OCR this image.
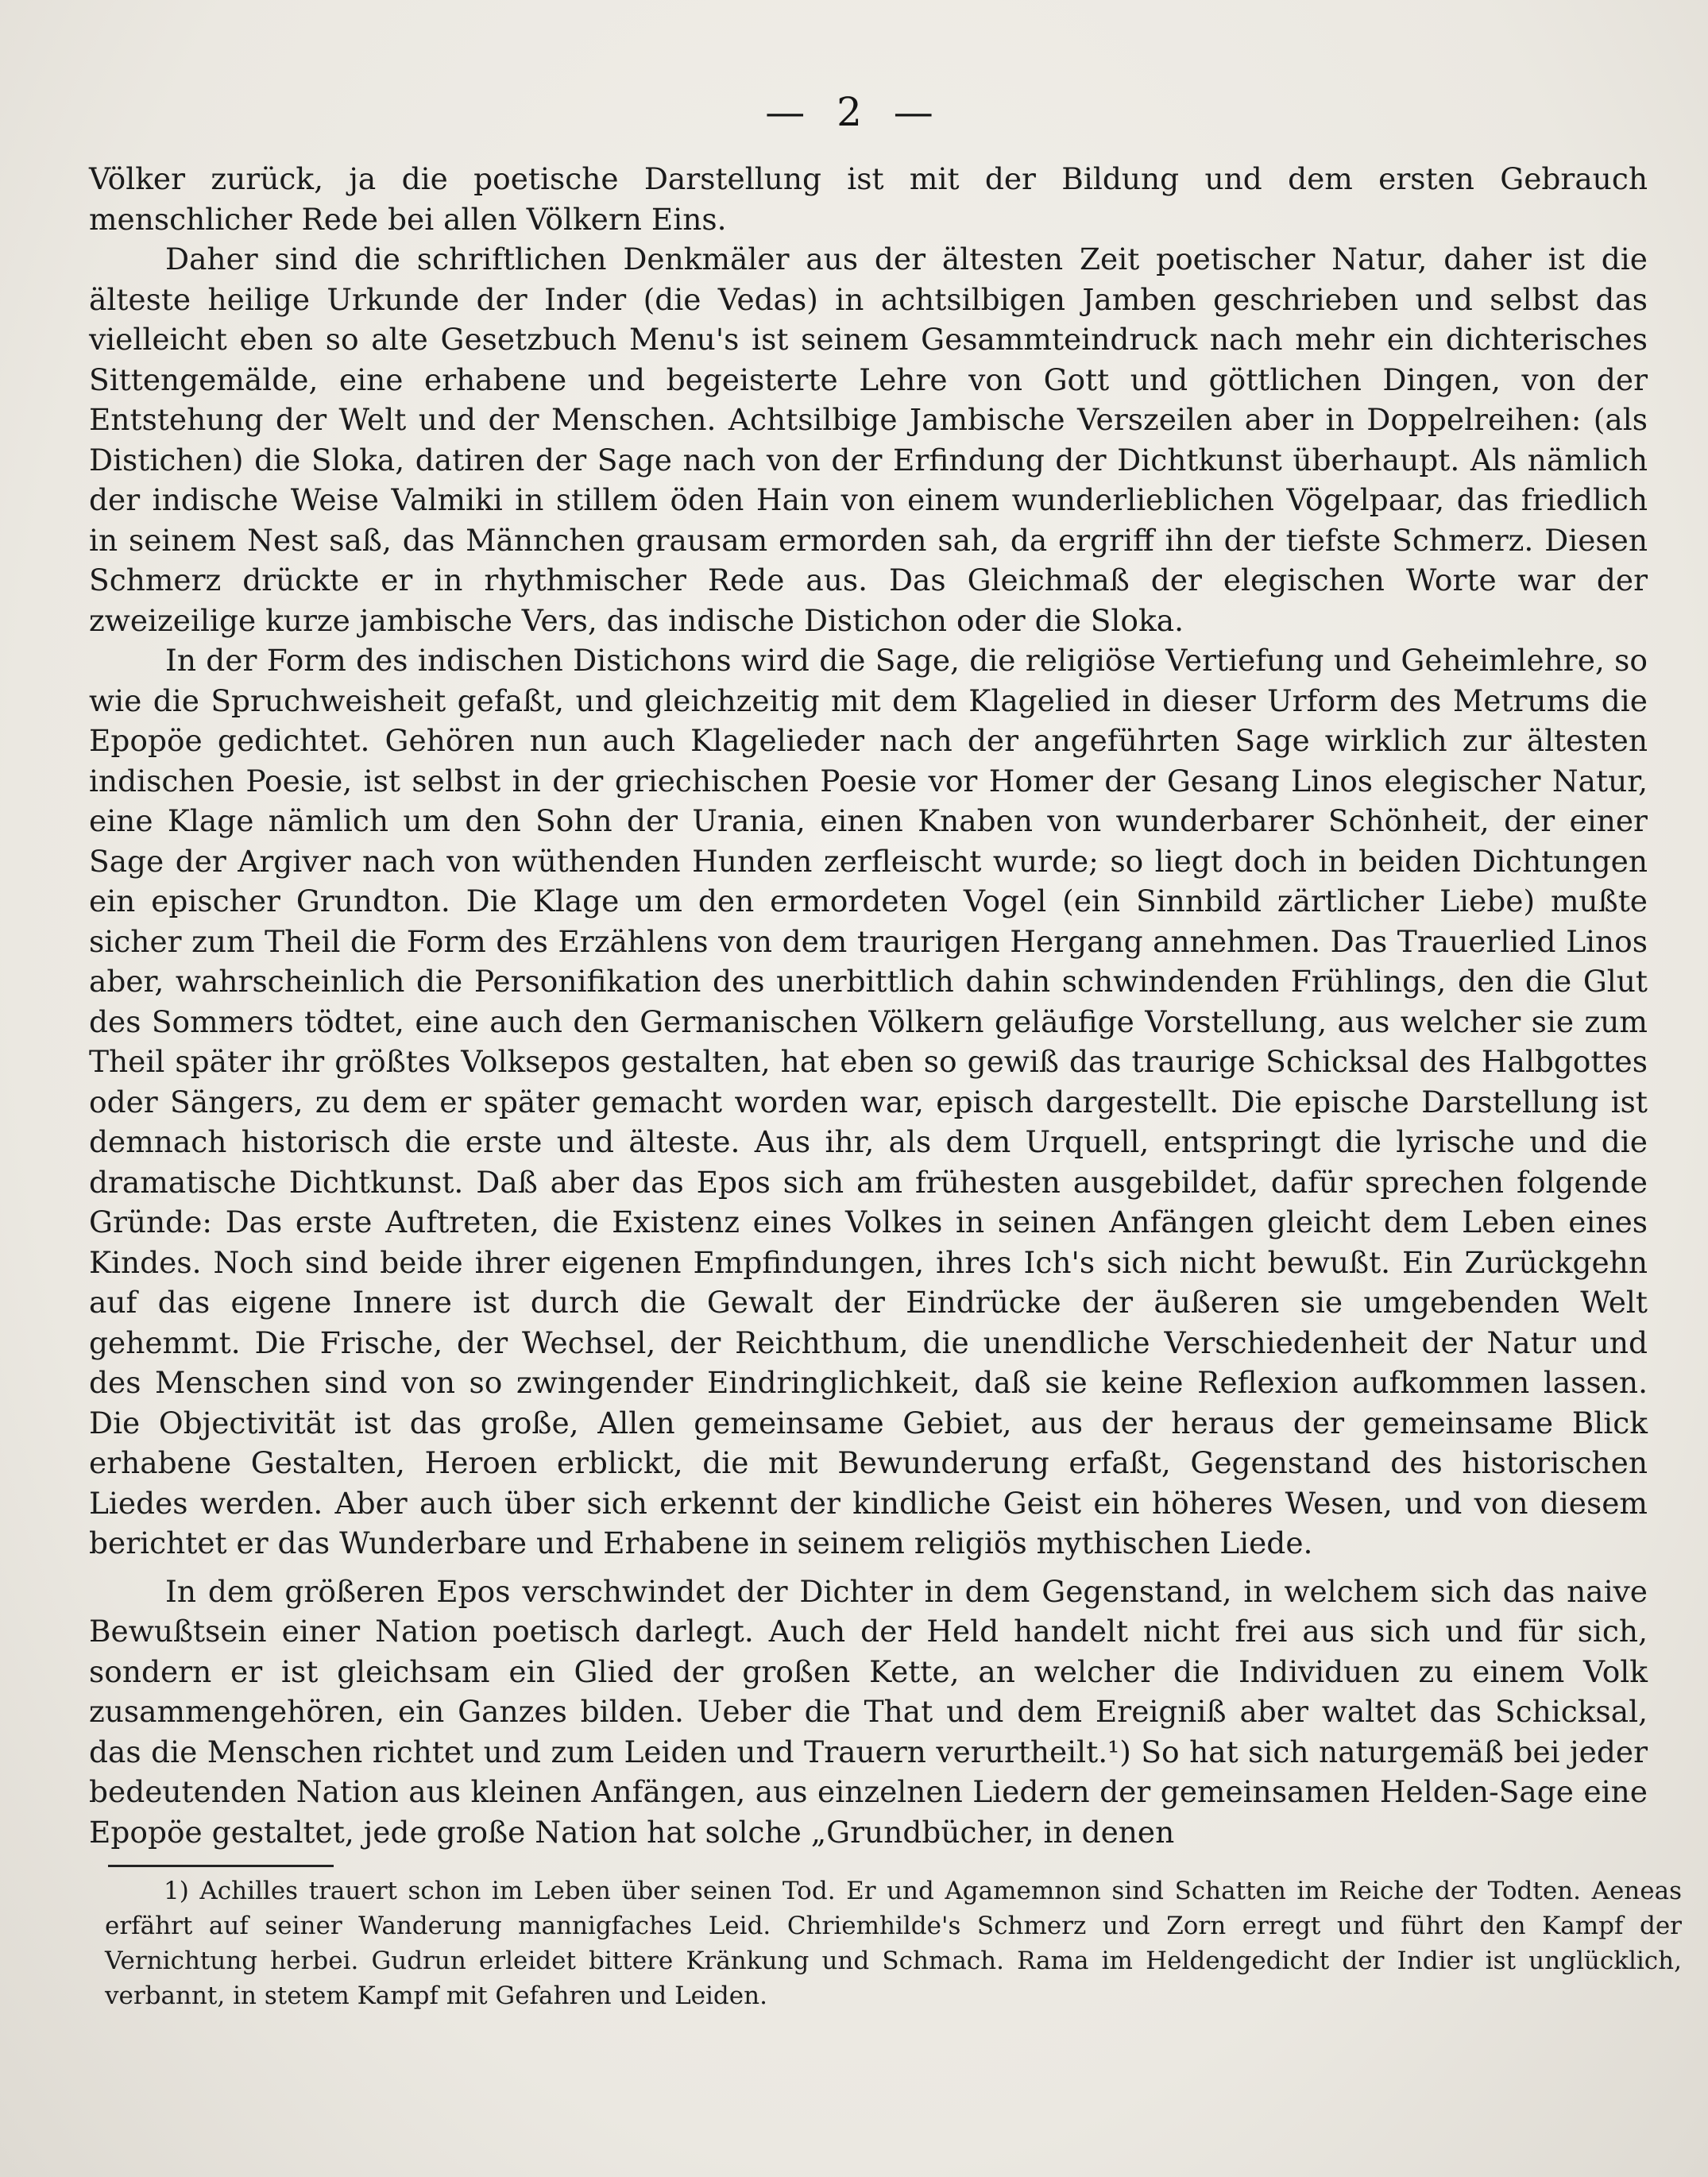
— 2 —

Völker zurück, ja die poetische Darstellung ist mit der Bildung und dem ersten Gebrauch menschlicher Rede bei allen Völkern Eins.

Daher sind die schriftlichen Denkmäler aus der ältesten Zeit poetischer Natur, daher ist die älteste heilige Urkunde der Inder (die Vedas) in achtsilbigen Jamben geschrieben und selbst das vielleicht eben so alte Gesetzbuch Menu's ist seinem Gesammteindruck nach mehr ein dichterisches Sittengemälde, eine erhabene und begeisterte Lehre von Gott und göttlichen Dingen, von der Entstehung der Welt und der Menschen. Achtsilbige Jambische Verszeilen aber in Doppelreihen: (als Distichen) die Sloka, datiren der Sage nach von der Erfindung der Dichtkunst überhaupt. Als nämlich der indische Weise Valmiki in stillem öden Hain von einem wunderlieblichen Vögelpaar, das friedlich in seinem Nest saß, das Männchen grausam ermorden sah, da ergriff ihn der tiefste Schmerz. Diesen Schmerz drückte er in rhythmischer Rede aus. Das Gleichmaß der elegischen Worte war der zweizeilige kurze jambische Vers, das indische Distichon oder die Sloka.

In der Form des indischen Distichons wird die Sage, die religiöse Vertiefung und Geheimlehre, so wie die Spruchweisheit gefaßt, und gleichzeitig mit dem Klagelied in dieser Urform des Metrums die Epopöe gedichtet. Gehören nun auch Klagelieder nach der angeführten Sage wirklich zur ältesten indischen Poesie, ist selbst in der griechischen Poesie vor Homer der Gesang Linos elegischer Natur, eine Klage nämlich um den Sohn der Urania, einen Knaben von wunderbarer Schönheit, der einer Sage der Argiver nach von wüthenden Hunden zerfleischt wurde; so liegt doch in beiden Dichtungen ein epischer Grundton. Die Klage um den ermordeten Vogel (ein Sinnbild zärtlicher Liebe) mußte sicher zum Theil die Form des Erzählens von dem traurigen Hergang annehmen. Das Trauerlied Linos aber, wahrscheinlich die Personifikation des unerbittlich dahin schwindenden Frühlings, den die Glut des Sommers tödtet, eine auch den Germanischen Völkern geläufige Vorstellung, aus welcher sie zum Theil später ihr größtes Volksepos gestalten, hat eben so gewiß das traurige Schicksal des Halbgottes oder Sängers, zu dem er später gemacht worden war, episch dargestellt. Die epische Darstellung ist demnach historisch die erste und älteste. Aus ihr, als dem Urquell, entspringt die lyrische und die dramatische Dichtkunst. Daß aber das Epos sich am frühesten ausgebildet, dafür sprechen folgende Gründe: Das erste Auftreten, die Existenz eines Volkes in seinen Anfängen gleicht dem Leben eines Kindes. Noch sind beide ihrer eigenen Empfindungen, ihres Ich's sich nicht bewußt. Ein Zurückgehn auf das eigene Innere ist durch die Gewalt der Eindrücke der äußeren sie umgebenden Welt gehemmt. Die Frische, der Wechsel, der Reichthum, die unendliche Verschiedenheit der Natur und des Menschen sind von so zwingender Eindringlichkeit, daß sie keine Reflexion aufkommen lassen. Die Objectivität ist das große, Allen gemeinsame Gebiet, aus der heraus der gemeinsame Blick erhabene Gestalten, Heroen erblickt, die mit Bewunderung erfaßt, Gegenstand des historischen Liedes werden. Aber auch über sich erkennt der kindliche Geist ein höheres Wesen, und von diesem berichtet er das Wunderbare und Erhabene in seinem religiös mythischen Liede.

In dem größeren Epos verschwindet der Dichter in dem Gegenstand, in welchem sich das naive Bewußtsein einer Nation poetisch darlegt. Auch der Held handelt nicht frei aus sich und für sich, sondern er ist gleichsam ein Glied der großen Kette, an welcher die Individuen zu einem Volk zusammengehören, ein Ganzes bilden. Ueber die That und dem Ereigniß aber waltet das Schicksal, das die Menschen richtet und zum Leiden und Trauern verurtheilt.¹) So hat sich naturgemäß bei jeder bedeutenden Nation aus kleinen Anfängen, aus einzelnen Liedern der gemeinsamen Helden-Sage eine Epopöe gestaltet, jede große Nation hat solche „Grundbücher, in denen

1) Achilles trauert schon im Leben über seinen Tod. Er und Agamemnon sind Schatten im Reiche der Todten. Aeneas erfährt auf seiner Wanderung mannigfaches Leid. Chriemhilde's Schmerz und Zorn erregt und führt den Kampf der Vernichtung herbei. Gudrun erleidet bittere Kränkung und Schmach. Rama im Heldengedicht der Indier ist unglücklich, verbannt, in stetem Kampf mit Gefahren und Leiden.
